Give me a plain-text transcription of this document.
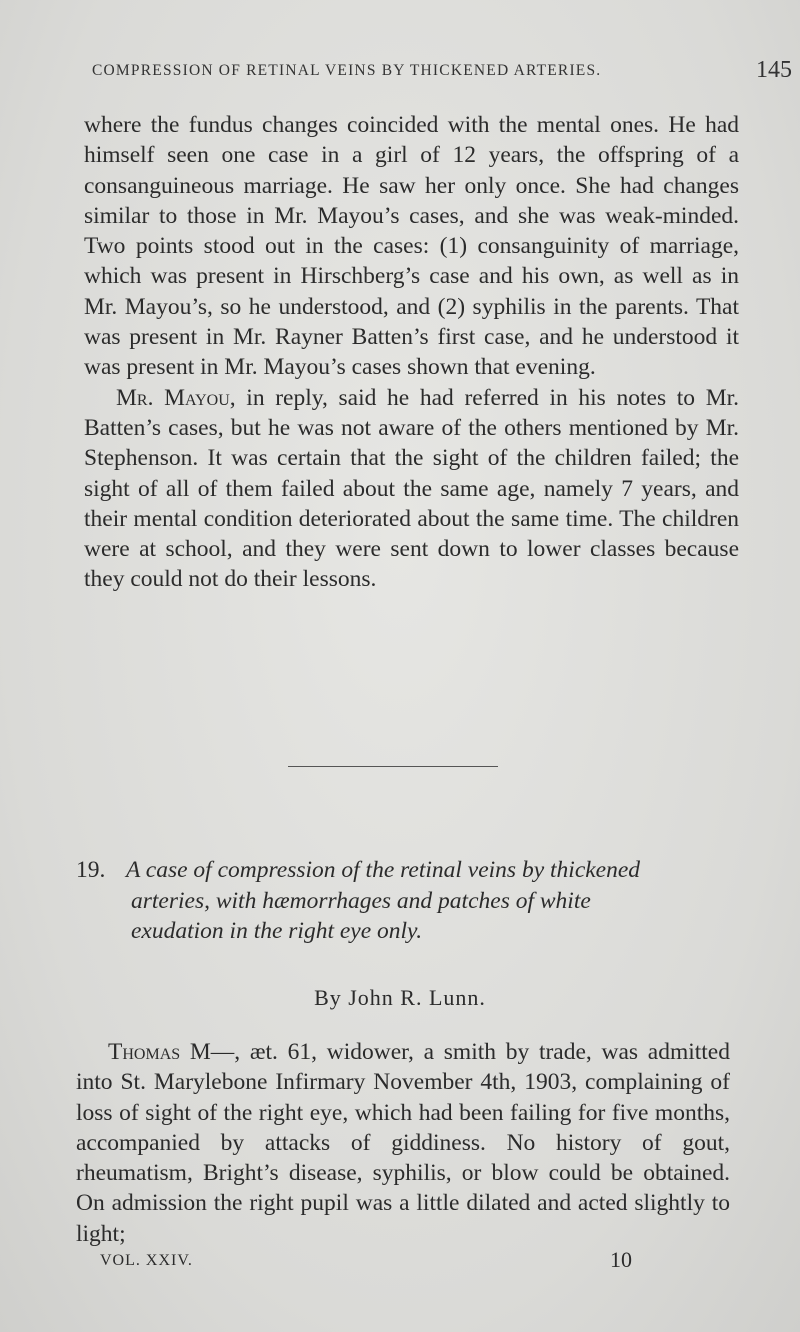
COMPRESSION OF RETINAL VEINS BY THICKENED ARTERIES.	145

where the fundus changes coincided with the mental ones. He had himself seen one case in a girl of 12 years, the offspring of a consanguineous marriage. He saw her only once. She had changes similar to those in Mr. Mayou’s cases, and she was weak-minded. Two points stood out in the cases: (1) consanguinity of marriage, which was present in Hirschberg’s case and his own, as well as in Mr. Mayou’s, so he understood, and (2) syphilis in the parents. That was present in Mr. Rayner Batten’s first case, and he understood it was present in Mr. Mayou’s cases shown that evening.

Mr. Mayou, in reply, said he had referred in his notes to Mr. Batten’s cases, but he was not aware of the others mentioned by Mr. Stephenson. It was certain that the sight of the children failed; the sight of all of them failed about the same age, namely 7 years, and their mental condition deteriorated about the same time. The children were at school, and they were sent down to lower classes because they could not do their lessons.

19. A case of compression of the retinal veins by thickened
arteries, with hæmorrhages and patches of white
exudation in the right eye only.
By John R. Lunn.

Thomas M—, æt. 61, widower, a smith by trade, was admitted into St. Marylebone Infirmary November 4th, 1903, complaining of loss of sight of the right eye, which had been failing for five months, accompanied by attacks of giddiness. No history of gout, rheumatism, Bright’s disease, syphilis, or blow could be obtained. On admission the right pupil was a little dilated and acted slightly to light;

VOL. XXIV.	10
